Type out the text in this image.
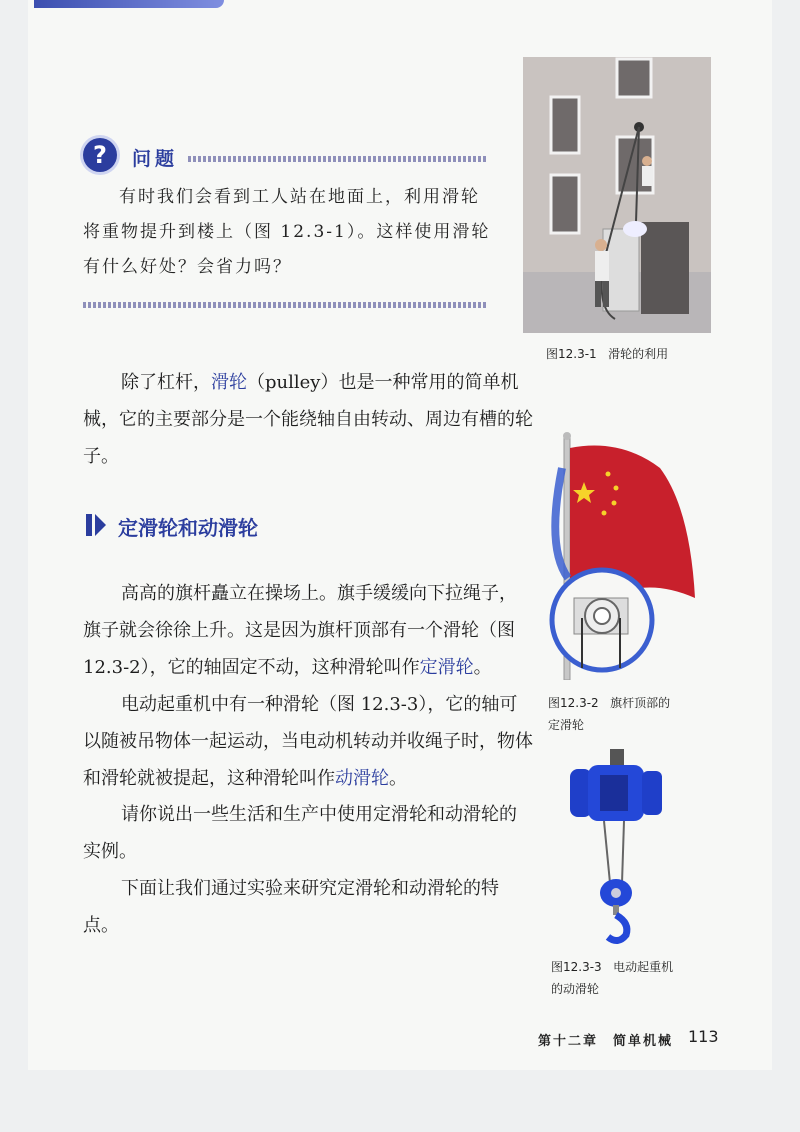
?	问题
有时我们会看到工人站在地面上，利用滑轮将重物提升到楼上（图 12.3-1）。这样使用滑轮有什么好处？会省力吗？
图12.3-1 滑轮的利用
除了杠杆，滑轮（pulley）也是一种常用的简单机械，它的主要部分是一个能绕轴自由转动、周边有槽的轮子。
定滑轮和动滑轮
高高的旗杆矗立在操场上。旗手缓缓向下拉绳子，旗子就会徐徐上升。这是因为旗杆顶部有一个滑轮（图 12.3-2），它的轴固定不动，这种滑轮叫作定滑轮。
图12.3-2 旗杆顶部的
定滑轮
电动起重机中有一种滑轮（图 12.3-3），它的轴可以随被吊物体一起运动，当电动机转动并收绳子时，物体和滑轮就被提起，这种滑轮叫作动滑轮。
请你说出一些生活和生产中使用定滑轮和动滑轮的实例。
下面让我们通过实验来研究定滑轮和动滑轮的特点。
图12.3-3 电动起重机
的动滑轮
第十二章　简单机械 113
